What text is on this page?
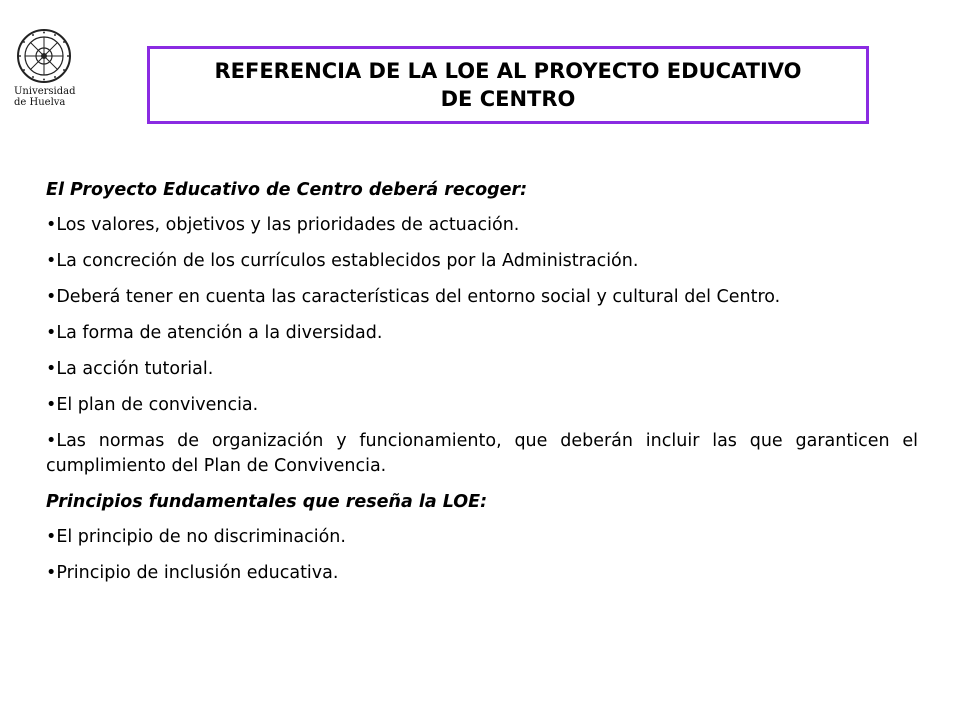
Universidad
de Huelva
REFERENCIA DE LA LOE AL PROYECTO EDUCATIVO
DE CENTRO
El Proyecto Educativo de Centro deberá recoger:
•Los valores, objetivos y las prioridades de actuación.
•La concreción de los currículos establecidos por la Administración.
•Deberá tener en cuenta las características del entorno social y cultural del Centro.
•La forma de atención a la diversidad.
•La acción tutorial.
•El plan de convivencia.
•Las normas de organización y funcionamiento, que deberán incluir las que garanticen el cumplimiento del Plan de Convivencia.
Principios fundamentales que reseña la LOE:
•El principio de no discriminación.
•Principio de inclusión educativa.
